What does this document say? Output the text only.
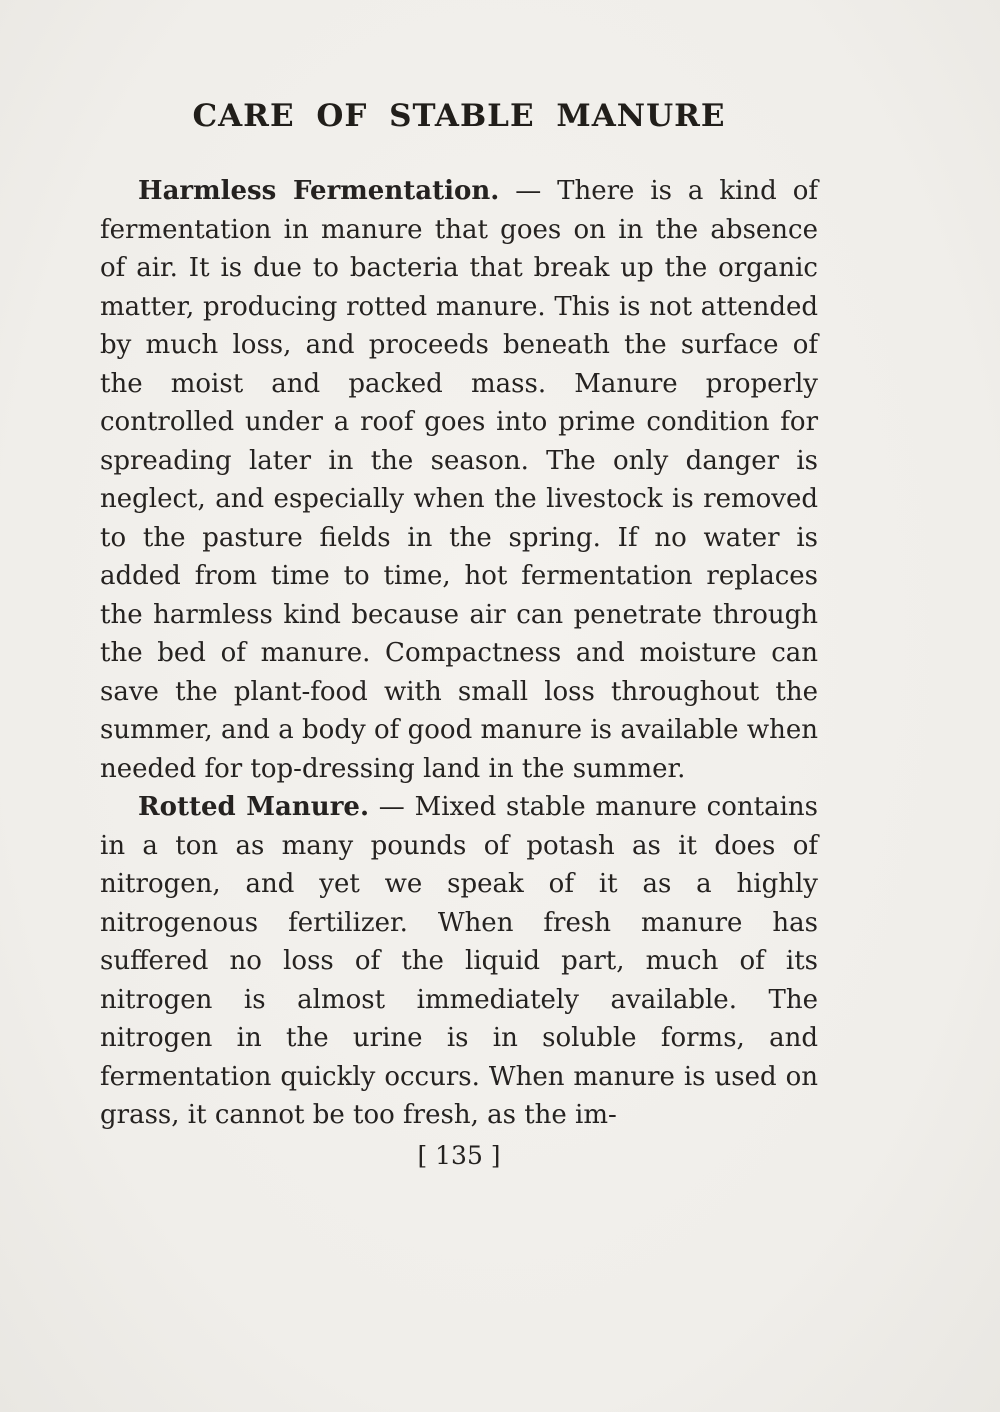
CARE OF STABLE MANURE

Harmless Fermentation. — There is a kind of fermentation in manure that goes on in the absence of air. It is due to bacteria that break up the organic matter, producing rotted manure. This is not attended by much loss, and proceeds beneath the surface of the moist and packed mass. Manure properly controlled under a roof goes into prime condition for spreading later in the season. The only danger is neglect, and especially when the livestock is removed to the pasture fields in the spring. If no water is added from time to time, hot fermentation replaces the harmless kind because air can penetrate through the bed of manure. Compactness and moisture can save the plant-food with small loss throughout the summer, and a body of good manure is available when needed for top-dressing land in the summer.

Rotted Manure. — Mixed stable manure contains in a ton as many pounds of potash as it does of nitrogen, and yet we speak of it as a highly nitrogenous fertilizer. When fresh manure has suffered no loss of the liquid part, much of its nitrogen is almost immediately available. The nitrogen in the urine is in soluble forms, and fermentation quickly occurs. When manure is used on grass, it cannot be too fresh, as the im-

[ 135 ]
